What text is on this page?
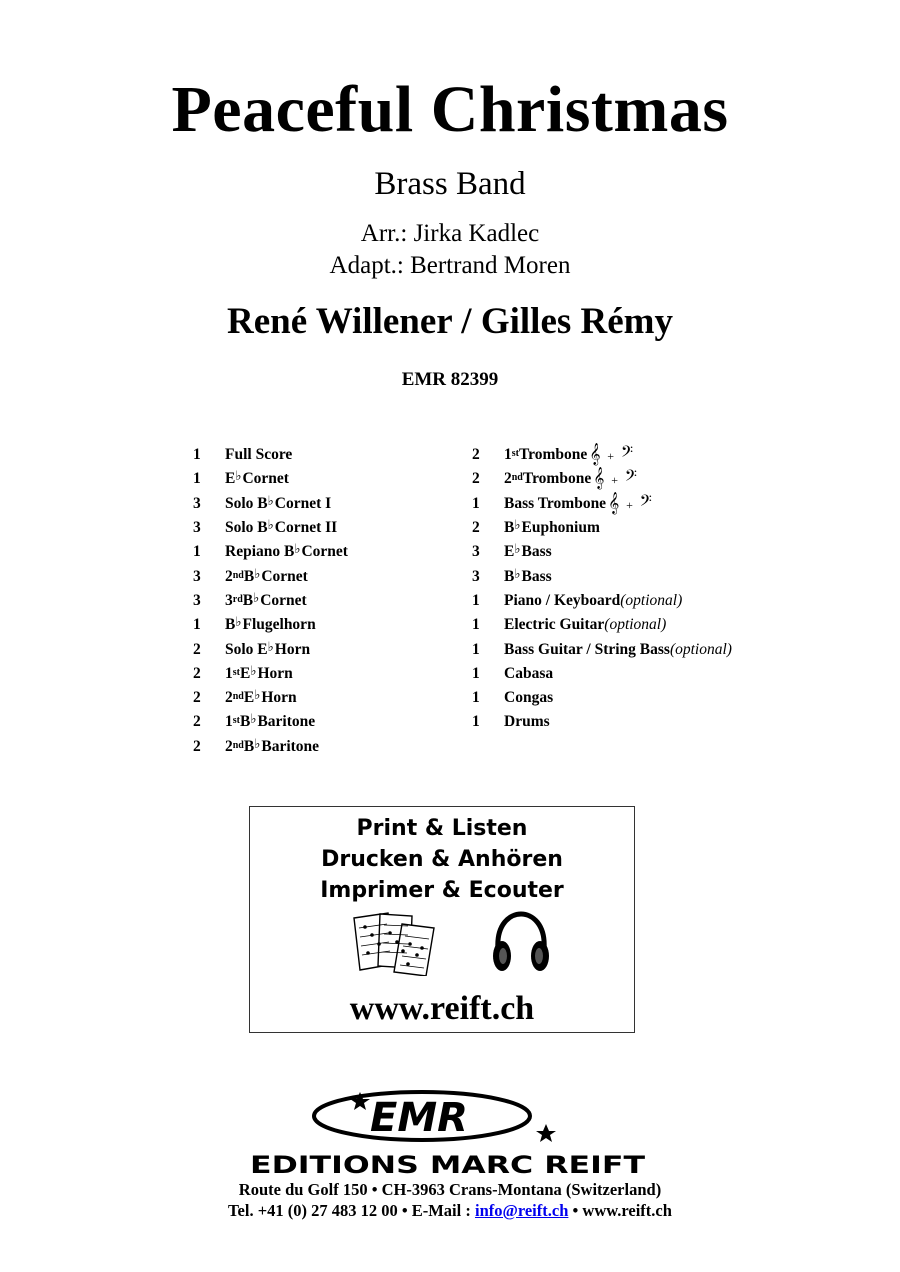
Peaceful Christmas
Brass Band
Arr.: Jirka Kadlec
Adapt.: Bertrand Moren
René Willener / Gilles Rémy
EMR 82399
1	Full Score
1	E ♭ Cornet
3	Solo B ♭ Cornet I
3	Solo B ♭ Cornet II
1	Repiano B ♭ Cornet
3	2nd B ♭ Cornet
3	3rd B ♭ Cornet
1	B ♭ Flugelhorn
2	Solo E ♭ Horn
2	1st E ♭ Horn
2	2nd E ♭ Horn
2	1st B ♭ Baritone
2	2nd B ♭ Baritone
2	1st Trombone 𝄞 + 𝄢
2	2nd Trombone 𝄞 + 𝄢
1	Bass Trombone 𝄞 + 𝄢
2	B ♭ Euphonium
3	E ♭ Bass
3	B ♭ Bass
1	Piano / Keyboard (optional)
1	Electric Guitar (optional)
1	Bass Guitar / String Bass (optional)
1	Cabasa
1	Congas
1	Drums
Print & Listen
Drucken & Anhören
Imprimer & Ecouter
www.reift.ch
EMR
EDITIONS MARC REIFT
Route du Golf 150 • CH-3963 Crans-Montana (Switzerland)
Tel. +41 (0) 27 483 12 00 • E-Mail : info@reift.ch • www.reift.ch
